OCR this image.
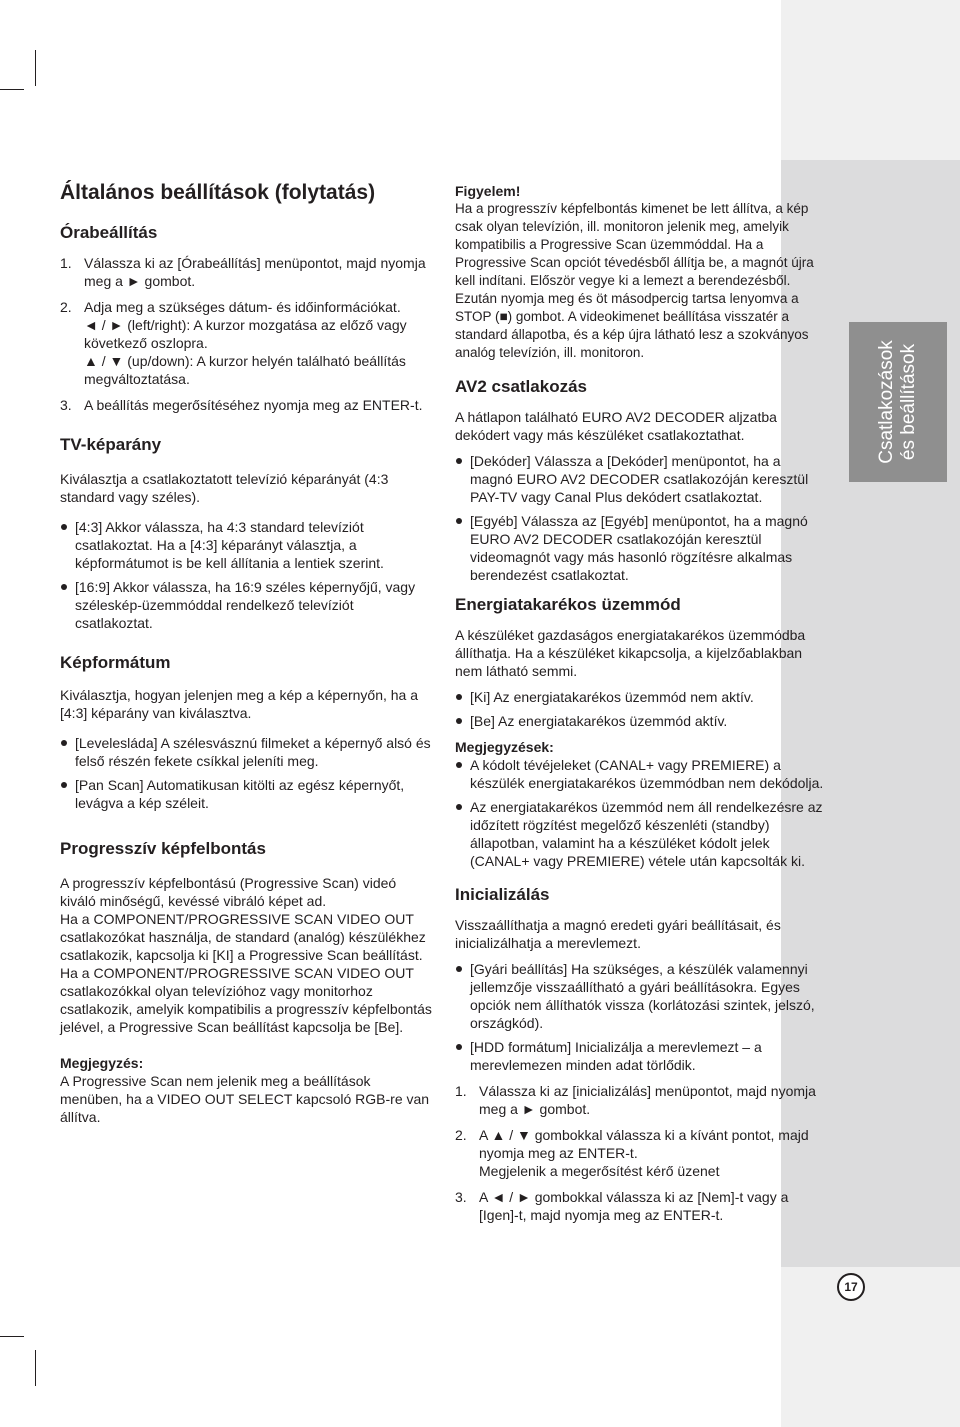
Csatlakozások és beállítások
17
Általános beállítások (folytatás)
Órabeállítás
1. Válassza ki az [Órabeállítás] menüpontot, majd nyomja meg a ► gombot.
2. Adja meg a szükséges dátum- és időinformációkat.
◄ / ► (left/right): A kurzor mozgatása az előző vagy következő oszlopra.
▲ / ▼ (up/down): A kurzor helyén található beállítás megváltoztatása.
3. A beállítás megerősítéséhez nyomja meg az ENTER-t.
TV-képarány

Kiválasztja a csatlakoztatott televízió képarányát (4:3 standard vagy széles).

[4:3] Akkor válassza, ha 4:3 standard televíziót csatlakoztat. Ha a [4:3] képarányt választja, a képformátumot is be kell állítania a lentiek szerint.
[16:9] Akkor válassza, ha 16:9 széles képernyőjű, vagy széleskép-üzemmóddal rendelkező televíziót csatlakoztat.
Képformátum

Kiválasztja, hogyan jelenjen meg a kép a képernyőn, ha a [4:3] képarány van kiválasztva.

[Levelesláda] A szélesvásznú filmeket a képernyő alsó és felső részén fekete csíkkal jeleníti meg.
[Pan Scan] Automatikusan kitölti az egész képernyőt, levágva a kép széleit.
Progresszív képfelbontás

A progresszív képfelbontású (Progressive Scan) videó kiváló minőségű, kevéssé vibráló képet ad.

Ha a COMPONENT/PROGRESSIVE SCAN VIDEO OUT csatlakozókat használja, de standard (analóg) készülékhez csatlakozik, kapcsolja ki [KI] a Progressive Scan beállítást.

Ha a COMPONENT/PROGRESSIVE SCAN VIDEO OUT csatlakozókkal olyan televízióhoz vagy monitorhoz csatlakozik, amelyik kompatibilis a progresszív képfelbontás jelével, a Progressive Scan beállítást kapcsolja be [Be].

Megjegyzés:

A Progressive Scan nem jelenik meg a beállítások menüben, ha a VIDEO OUT SELECT kapcsoló RGB-re van állítva.

Figyelem!

Ha a progresszív képfelbontás kimenet be lett állítva, a kép csak olyan televízión, ill. monitoron jelenik meg, amelyik kompatibilis a Progressive Scan üzemmóddal. Ha a Progressive Scan opciót tévedésből állítja be, a magnót újra kell indítani. Először vegye ki a lemezt a berendezésből. Ezután nyomja meg és öt másodpercig tartsa lenyomva a STOP (■) gombot. A videokimenet beállítása visszatér a standard állapotba, és a kép újra látható lesz a szokványos analóg televízión, ill. monitoron.

AV2 csatlakozás

A hátlapon található EURO AV2 DECODER aljzatba dekódert vagy más készüléket csatlakoztathat.

[Dekóder] Válassza a [Dekóder] menüpontot, ha a magnó EURO AV2 DECODER csatlakozóján keresztül PAY-TV vagy Canal Plus dekódert csatlakoztat.
[Egyéb] Válassza az [Egyéb] menüpontot, ha a magnó EURO AV2 DECODER csatlakozóján keresztül videomagnót vagy más hasonló rögzítésre alkalmas berendezést csatlakoztat.
Energiatakarékos üzemmód

A készüléket gazdaságos energiatakarékos üzemmódba állíthatja. Ha a készüléket kikapcsolja, a kijelzőablakban nem látható semmi.

[Ki] Az energiatakarékos üzemmód nem aktív.
[Be] Az energiatakarékos üzemmód aktív.

Megjegyzések:

A kódolt tévéjeleket (CANAL+ vagy PREMIERE) a készülék energiatakarékos üzemmódban nem dekódolja.
Az energiatakarékos üzemmód nem áll rendelkezésre az időzített rögzítést megelőző készenléti (standby) állapotban, valamint ha a készüléket kódolt jelek (CANAL+ vagy PREMIERE) vétele után kapcsolták ki.
Inicializálás

Visszaállíthatja a magnó eredeti gyári beállításait, és inicializálhatja a merevlemezt.

[Gyári beállítás] Ha szükséges, a készülék valamennyi jellemzője visszaállítható a gyári beállításokra. Egyes opciók nem állíthatók vissza (korlátozási szintek, jelszó, országkód).
[HDD formátum] Inicializálja a merevlemezt – a merevlemezen minden adat törlődik.
1. Válassza ki az [inicializálás] menüpontot, majd nyomja meg a ► gombot.
2. A ▲ / ▼ gombokkal válassza ki a kívánt pontot, majd nyomja meg az ENTER-t.
Megjelenik a megerősítést kérő üzenet
3. A ◄ / ► gombokkal válassza ki az [Nem]-t vagy a [Igen]-t, majd nyomja meg az ENTER-t.
